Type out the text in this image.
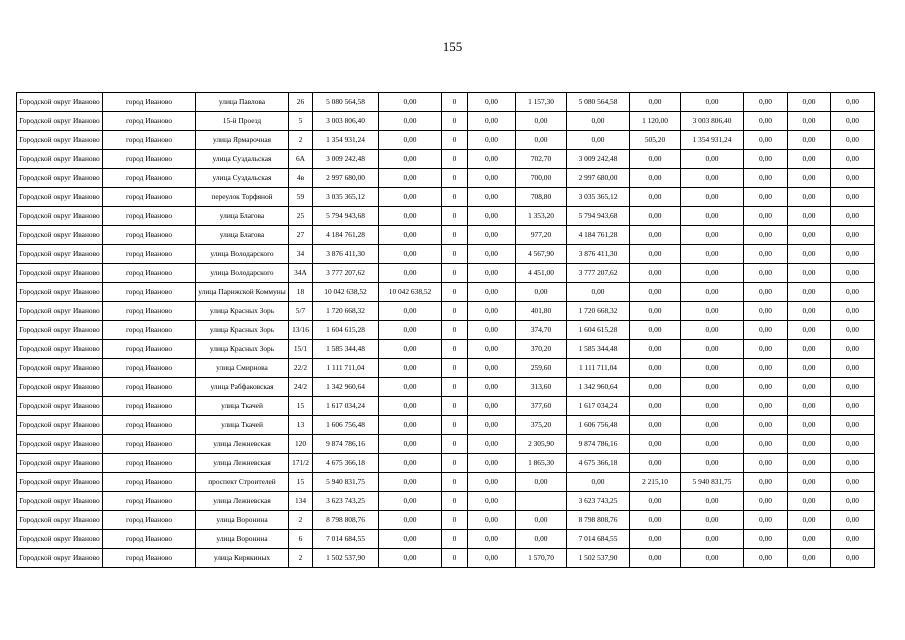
155
Городской округ Иваново	город Иваново	улица Павлова	26	5 080 564,58	0,00	0	0,00	1 157,30	5 080 564,58	0,00	0,00	0,00	0,00	0,00
Городской округ Иваново	город Иваново	15-й Проезд	5	3 003 806,40	0,00	0	0,00	0,00	0,00	1 120,00	3 003 806,40	0,00	0,00	0,00
Городской округ Иваново	город Иваново	улица Ярмарочная	2	1 354 931,24	0,00	0	0,00	0,00	0,00	505,20	1 354 931,24	0,00	0,00	0,00
Городской округ Иваново	город Иваново	улица Суздальская	6А	3 009 242,48	0,00	0	0,00	702,70	3 009 242,48	0,00	0,00	0,00	0,00	0,00
Городской округ Иваново	город Иваново	улица Суздальская	4в	2 997 680,00	0,00	0	0,00	700,00	2 997 680,00	0,00	0,00	0,00	0,00	0,00
Городской округ Иваново	город Иваново	переулок Торфяной	59	3 035 365,12	0,00	0	0,00	708,80	3 035 365,12	0,00	0,00	0,00	0,00	0,00
Городской округ Иваново	город Иваново	улица Благова	25	5 794 943,68	0,00	0	0,00	1 353,20	5 794 943,68	0,00	0,00	0,00	0,00	0,00
Городской округ Иваново	город Иваново	улица Благова	27	4 184 761,28	0,00	0	0,00	977,20	4 184 761,28	0,00	0,00	0,00	0,00	0,00
Городской округ Иваново	город Иваново	улица Володарского	34	3 876 411,30	0,00	0	0,00	4 567,90	3 876 411,30	0,00	0,00	0,00	0,00	0,00
Городской округ Иваново	город Иваново	улица Володарского	34А	3 777 207,62	0,00	0	0,00	4 451,00	3 777 207,62	0,00	0,00	0,00	0,00	0,00
Городской округ Иваново	город Иваново	улица Парижской Коммуны	18	10 042 638,52	10 042 638,52	0	0,00	0,00	0,00	0,00	0,00	0,00	0,00	0,00
Городской округ Иваново	город Иваново	улица Красных Зорь	5/7	1 720 668,32	0,00	0	0,00	401,80	1 720 668,32	0,00	0,00	0,00	0,00	0,00
Городской округ Иваново	город Иваново	улица Красных Зорь	13/16	1 604 615,28	0,00	0	0,00	374,70	1 604 615,28	0,00	0,00	0,00	0,00	0,00
Городской округ Иваново	город Иваново	улица Красных Зорь	15/1	1 585 344,48	0,00	0	0,00	370,20	1 585 344,48	0,00	0,00	0,00	0,00	0,00
Городской округ Иваново	город Иваново	улица Смирнова	22/2	1 111 711,04	0,00	0	0,00	259,60	1 111 711,04	0,00	0,00	0,00	0,00	0,00
Городской округ Иваново	город Иваново	улица Рабфаковская	24/2	1 342 960,64	0,00	0	0,00	313,60	1 342 960,64	0,00	0,00	0,00	0,00	0,00
Городской округ Иваново	город Иваново	улица Ткачей	15	1 617 034,24	0,00	0	0,00	377,60	1 617 034,24	0,00	0,00	0,00	0,00	0,00
Городской округ Иваново	город Иваново	улица Ткачей	13	1 606 756,48	0,00	0	0,00	375,20	1 606 756,48	0,00	0,00	0,00	0,00	0,00
Городской округ Иваново	город Иваново	улица Лежневская	120	9 874 786,16	0,00	0	0,00	2 305,90	9 874 786,16	0,00	0,00	0,00	0,00	0,00
Городской округ Иваново	город Иваново	улица Лежневская	171/2	4 675 366,18	0,00	0	0,00	1 865,30	4 675 366,18	0,00	0,00	0,00	0,00	0,00
Городской округ Иваново	город Иваново	проспект Строителей	15	5 940 831,75	0,00	0	0,00	0,00	0,00	2 215,10	5 940 831,75	0,00	0,00	0,00
Городской округ Иваново	город Иваново	улица Лежневская	134	3 623 743,25	0,00	0	0,00		3 623 743,25	0,00	0,00	0,00	0,00	0,00
Городской округ Иваново	город Иваново	улица Воронина	2	8 798 808,76	0,00	0	0,00	0,00	8 798 808,76	0,00	0,00	0,00	0,00	0,00
Городской округ Иваново	город Иваново	улица Воронина	6	7 014 684,55	0,00	0	0,00	0,00	7 014 684,55	0,00	0,00	0,00	0,00	0,00
Городской округ Иваново	город Иваново	улица Кирякиных	2	1 502 537,90	0,00	0	0,00	1 570,70	1 502 537,90	0,00	0,00	0,00	0,00	0,00
